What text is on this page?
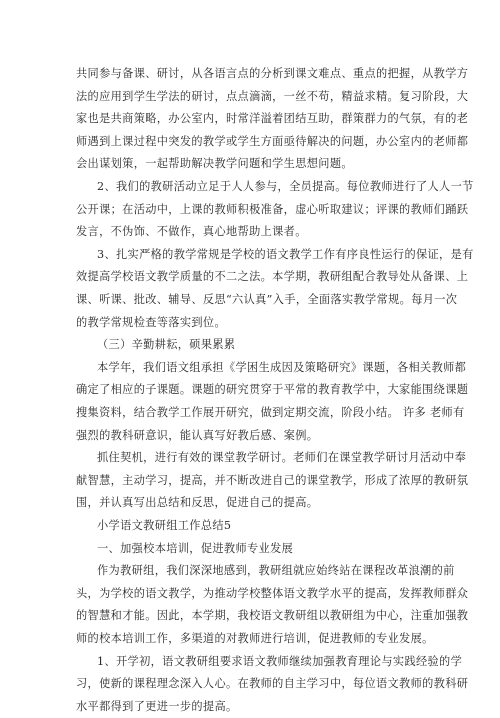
共同参与备课、研讨，从各语言点的分析到课文难点、重点的把握，从教学方
法的应用到学生学法的研讨，点点滴滴，一丝不苟，精益求精。复习阶段，大
家也是共商策略，办公室内，时常洋溢着团结互助，群策群力的气氛，有的老
师遇到上课过程中突发的教学或学生方面亟待解决的问题，办公室内的老师都
会出谋划策，一起帮助解决教学问题和学生思想问题。
2、我们的教研活动立足于人人参与，全员提高。每位教师进行了人人一节
公开课；在活动中，上课的教师积极准备，虚心听取建议；评课的教师们踊跃
发言，不伪饰、不做作，真心地帮助上课者。
3、扎实严格的教学常规是学校的语文教学工作有序良性运行的保证，是有
效提高学校语文教学质量的不二之法。本学期，教研组配合教导处从备课、上
课、听课、批改、辅导、反思“六认真”入手，全面落实教学常规。每月一次
的教学常规检查等落实到位。
（三）辛勤耕耘，硕果累累
本学年，我们语文组承担《学困生成因及策略研究》课题，各相关教师都
确定了相应的子课题。课题的研究贯穿于平常的教育教学中，大家能围绕课题
搜集资料，结合教学工作展开研究，做到定期交流，阶段小结。 许多 老师有
强烈的教科研意识，能认真写好教后感、案例。
抓住契机，进行有效的课堂教学研讨。老师们在课堂教学研讨月活动中奉
献智慧，主动学习，提高，并不断改进自己的课堂教学，形成了浓厚的教研氛
围，并认真写出总结和反思，促进自己的提高。
小学语文教研组工作总结5
一、加强校本培训，促进教师专业发展
作为教研组，我们深深地感到，教研组就应始终站在课程改革浪潮的前
头，为学校的语文教学，为推动学校整体语文教学水平的提高，发挥教师群众
的智慧和才能。因此，本学期，我校语文教研组以教研组为中心，注重加强教
师的校本培训工作，多渠道的对教师进行培训，促进教师的专业发展。
1、开学初，语文教研组要求语文教师继续加强教育理论与实践经验的学
习，使新的课程理念深入人心。在教师的自主学习中，每位语文教师的教科研
水平都得到了更进一步的提高。
